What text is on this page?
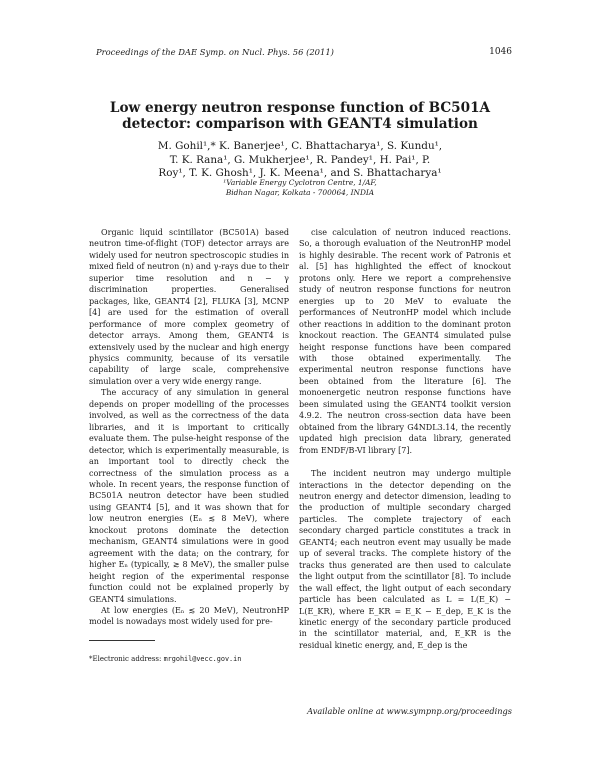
Proceedings of the DAE Symp. on Nucl. Phys. 56 (2011)	1046
Low energy neutron response function of BC501A
detector: comparison with GEANT4 simulation
M. Gohil¹,* K. Banerjee¹, C. Bhattacharya¹, S. Kundu¹,
T. K. Rana¹, G. Mukherjee¹, R. Pandey¹, H. Pai¹, P.
Roy¹, T. K. Ghosh¹, J. K. Meena¹, and S. Bhattacharya¹
¹Variable Energy Cyclotron Centre, 1/AF,
Bidhan Nagar, Kolkata - 700064, INDIA

Organic liquid scintillator (BC501A) based neutron time-of-flight (TOF) detector arrays are widely used for neutron spectroscopic studies in mixed field of neutron (n) and γ-rays due to their superior time resolution and n − γ discrimination properties. Generalised packages, like, GEANT4 [2], FLUKA [3], MCNP [4] are used for the estimation of overall performance of more complex geometry of detector arrays. Among them, GEANT4 is extensively used by the nuclear and high energy physics community, because of its versatile capability of large scale, comprehensive simulation over a very wide energy range.

The accuracy of any simulation in general depends on proper modelling of the processes involved, as well as the correctness of the data libraries, and it is important to critically evaluate them. The pulse-height response of the detector, which is experimentally measurable, is an important tool to directly check the correctness of the simulation process as a whole. In recent years, the response function of BC501A neutron detector have been studied using GEANT4 [5], and it was shown that for low neutron energies (Eₙ ≲ 8 MeV), where knockout protons dominate the detection mechanism, GEANT4 simulations were in good agreement with the data; on the contrary, for higher Eₙ (typically, ≳ 8 MeV), the smaller pulse height region of the experimental response function could not be explained properly by GEANT4 simulations.

At low energies (Eₙ ≲ 20 MeV), NeutronHP model is nowadays most widely used for pre-

cise calculation of neutron induced reactions. So, a thorough evaluation of the NeutronHP model is highly desirable. The recent work of Patronis et al. [5] has highlighted the effect of knockout protons only. Here we report a comprehensive study of neutron response functions for neutron energies up to 20 MeV to evaluate the performances of NeutronHP model which include other reactions in addition to the dominant proton knockout reaction. The GEANT4 simulated pulse height response functions have been compared with those obtained experimentally. The experimental neutron response functions have been obtained from the literature [6]. The monoenergetic neutron response functions have been simulated using the GEANT4 toolkit version 4.9.2. The neutron cross-section data have been obtained from the library G4NDL3.14, the recently updated high precision data library, generated from ENDF/B-VI library [7].

The incident neutron may undergo multiple interactions in the detector depending on the neutron energy and detector dimension, leading to the production of multiple secondary charged particles. The complete trajectory of each secondary charged particle constitutes a track in GEANT4; each neutron event may usually be made up of several tracks. The complete history of the tracks thus generated are then used to calculate the light output from the scintillator [8]. To include the wall effect, the light output of each secondary particle has been calculated as L = L(E_K) − L(E_KR), where E_KR = E_K − E_dep, E_K is the kinetic energy of the secondary particle produced in the scintillator material, and, E_KR is the residual kinetic energy, and, E_dep is the

*Electronic address: mrgohil@vecc.gov.in
Available online at www.sympnp.org/proceedings
